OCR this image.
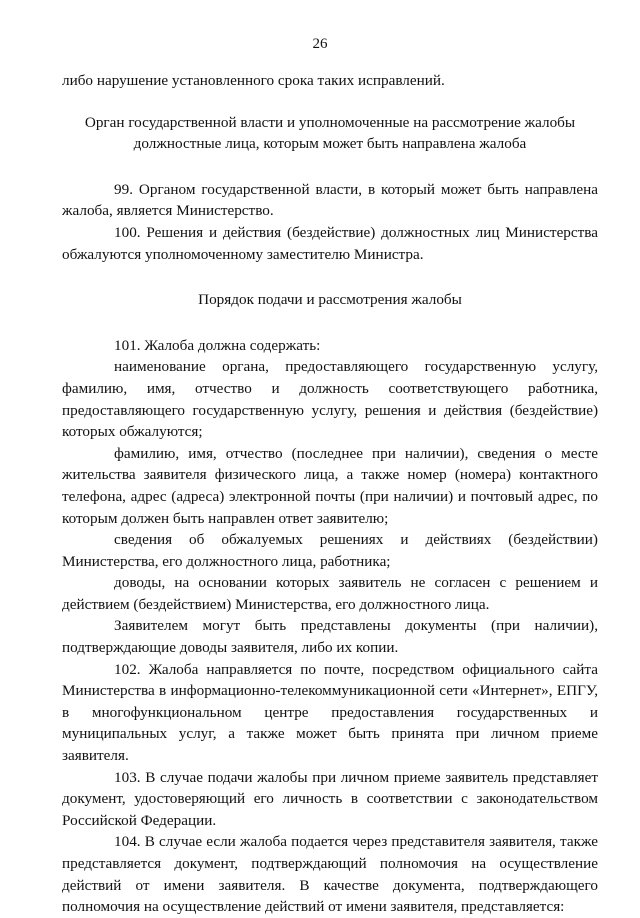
26

либо нарушение установленного срока таких исправлений.

Орган государственной власти и уполномоченные на рассмотрение жалобы должностные лица, которым может быть направлена жалоба

99. Органом государственной власти, в который может быть направлена жалоба, является Министерство.

100. Решения и действия (бездействие) должностных лиц Министерства обжалуются уполномоченному заместителю Министра.

Порядок подачи и рассмотрения жалобы

101. Жалоба должна содержать:

наименование органа, предоставляющего государственную услугу, фамилию, имя, отчество и должность соответствующего работника, предоставляющего государственную услугу, решения и действия (бездействие) которых обжалуются;

фамилию, имя, отчество (последнее при наличии), сведения о месте жительства заявителя физического лица, а также номер (номера) контактного телефона, адрес (адреса) электронной почты (при наличии) и почтовый адрес, по которым должен быть направлен ответ заявителю;

сведения об обжалуемых решениях и действиях (бездействии) Министерства, его должностного лица, работника;

доводы, на основании которых заявитель не согласен с решением и действием (бездействием) Министерства, его должностного лица.

Заявителем могут быть представлены документы (при наличии), подтверждающие доводы заявителя, либо их копии.

102. Жалоба направляется по почте, посредством официального сайта Министерства в информационно-телекоммуникационной сети «Интернет», ЕПГУ, в многофункциональном центре предоставления государственных и муниципальных услуг, а также может быть принята при личном приеме заявителя.

103. В случае подачи жалобы при личном приеме заявитель представляет документ, удостоверяющий его личность в соответствии с законодательством Российской Федерации.

104. В случае если жалоба подается через представителя заявителя, также представляется документ, подтверждающий полномочия на осуществление действий от имени заявителя. В качестве документа, подтверждающего полномочия на осуществление действий от имени заявителя, представляется:
